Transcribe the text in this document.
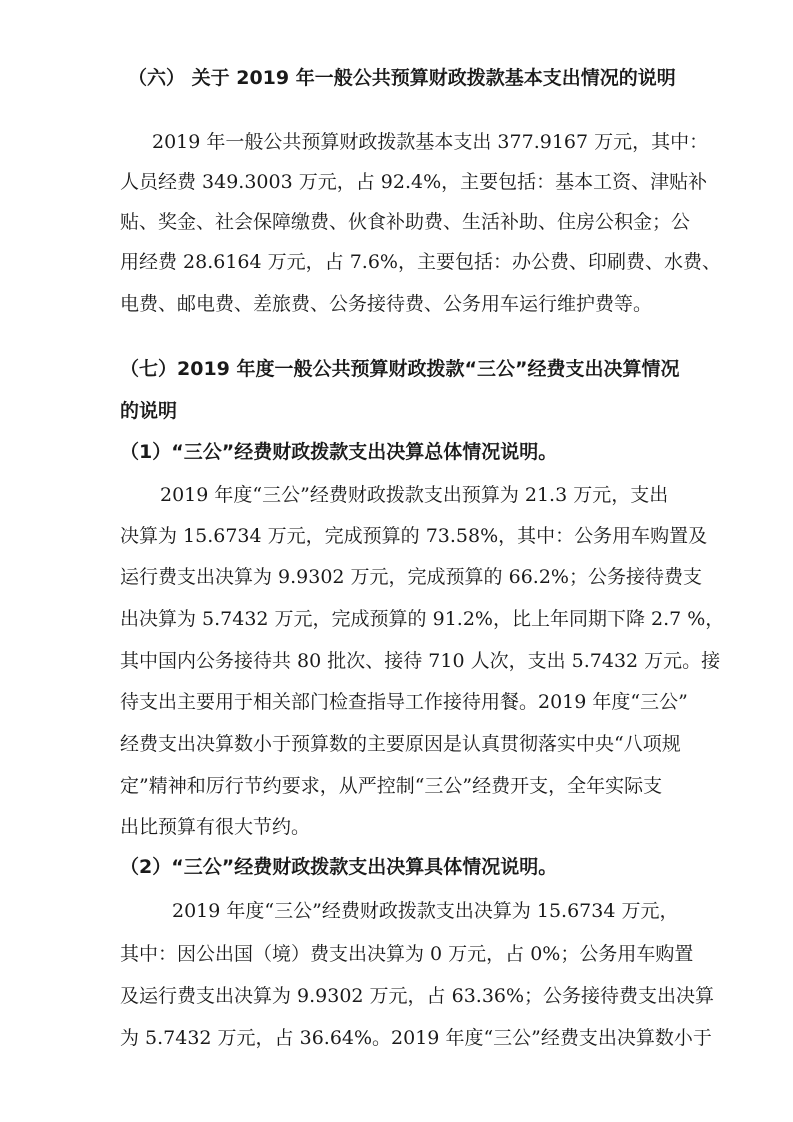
（六） 关于 2019 年一般公共预算财政拨款基本支出情况的说明
2019 年一般公共预算财政拨款基本支出 377.9167 万元，其中：
人员经费 349.3003 万元，占 92.4%，主要包括：基本工资、津贴补
贴、奖金、社会保障缴费、伙食补助费、生活补助、住房公积金；公
用经费 28.6164 万元，占 7.6%，主要包括：办公费、印刷费、水费、
电费、邮电费、差旅费、公务接待费、公务用车运行维护费等。
（七）2019 年度一般公共预算财政拨款“三公”经费支出决算情况
的说明
（1）“三公”经费财政拨款支出决算总体情况说明。
2019 年度“三公”经费财政拨款支出预算为 21.3 万元，支出
决算为 15.6734 万元，完成预算的 73.58%，其中：公务用车购置及
运行费支出决算为 9.9302 万元，完成预算的 66.2%；公务接待费支
出决算为 5.7432 万元，完成预算的 91.2%，比上年同期下降 2.7 %，
其中国内公务接待共 80 批次、接待 710 人次，支出 5.7432 万元。接
待支出主要用于相关部门检查指导工作接待用餐。2019 年度“三公”
经费支出决算数小于预算数的主要原因是认真贯彻落实中央“八项规
定”精神和厉行节约要求，从严控制“三公”经费开支，全年实际支
出比预算有很大节约。
（2）“三公”经费财政拨款支出决算具体情况说明。
2019 年度“三公”经费财政拨款支出决算为 15.6734 万元，
其中：因公出国（境）费支出决算为 0 万元，占 0%；公务用车购置
及运行费支出决算为 9.9302 万元，占 63.36%；公务接待费支出决算
为 5.7432 万元，占 36.64%。2019 年度“三公”经费支出决算数小于
